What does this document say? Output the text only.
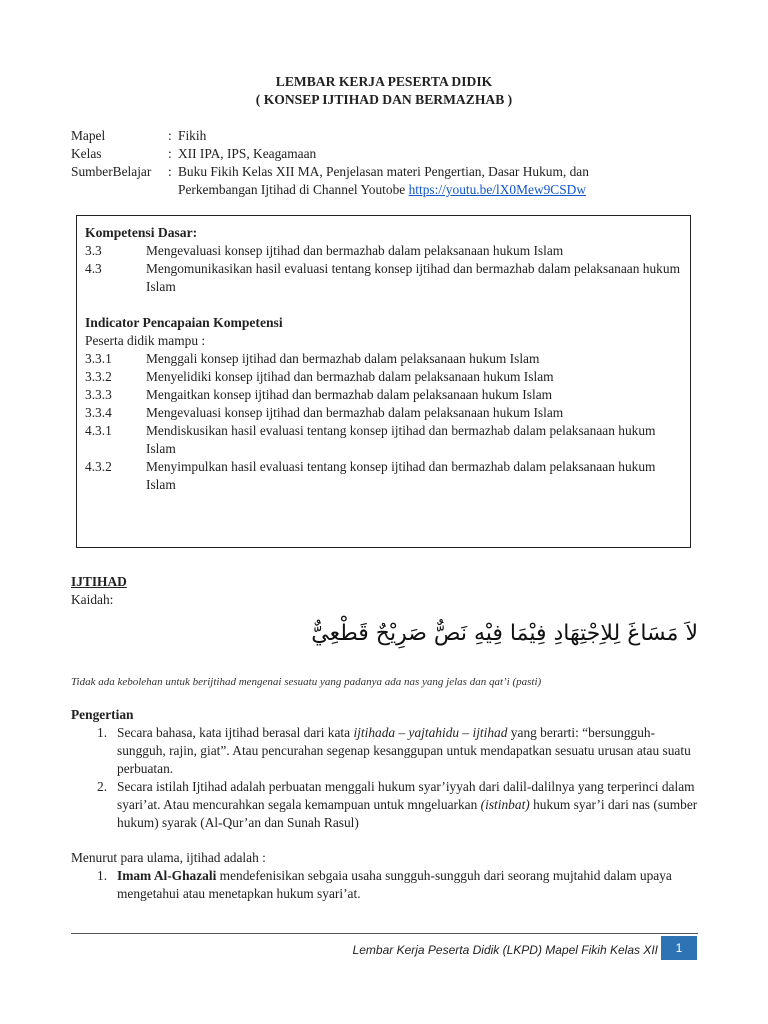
LEMBAR KERJA PESERTA DIDIK
( KONSEP IJTIHAD DAN BERMAZHAB )
Mapel	: Fikih
Kelas	: XII IPA, IPS, Keagamaan
SumberBelajar	: Buku Fikih Kelas XII MA, Penjelasan materi Pengertian, Dasar Hukum, dan
Perkembangan Ijtihad di Channel Youtobe https://youtu.be/lX0Mew9CSDw
Kompetensi Dasar:
3.3	Mengevaluasi konsep ijtihad dan bermazhab dalam pelaksanaan hukum Islam
4.3	Mengomunikasikan hasil evaluasi tentang konsep ijtihad dan bermazhab dalam pelaksanaan hukum Islam
Indicator Pencapaian Kompetensi
Peserta didik mampu :
3.3.1	Menggali konsep ijtihad dan bermazhab dalam pelaksanaan hukum Islam
3.3.2	Menyelidiki konsep ijtihad dan bermazhab dalam pelaksanaan hukum Islam
3.3.3	Mengaitkan konsep ijtihad dan bermazhab dalam pelaksanaan hukum Islam
3.3.4	Mengevaluasi konsep ijtihad dan bermazhab dalam pelaksanaan hukum Islam
4.3.1	Mendiskusikan hasil evaluasi tentang konsep ijtihad dan bermazhab dalam pelaksanaan hukum Islam
4.3.2	Menyimpulkan hasil evaluasi tentang konsep ijtihad dan bermazhab dalam pelaksanaan hukum Islam
IJTIHAD
Kaidah:
لاَ مَسَاغَ لِلاِجْتِهَادِ فِيْمَا فِيْهِ نَصٌّ صَرِيْحٌ قَطْعِيٌّ
Tidak ada kebolehan untuk berijtihad mengenai sesuatu yang padanya ada nas yang jelas dan qat’i (pasti)
Pengertian
1. Secara bahasa, kata ijtihad berasal dari kata ijtihada – yajtahidu – ijtihad yang berarti: “bersungguh-sungguh, rajin, giat”. Atau pencurahan segenap kesanggupan untuk mendapatkan sesuatu urusan atau suatu perbuatan.
2. Secara istilah Ijtihad adalah perbuatan menggali hukum syar’iyyah dari dalil-dalilnya yang terperinci dalam syari’at. Atau mencurahkan segala kemampuan untuk mngeluarkan (istinbat) hukum syar’i dari nas (sumber hukum) syarak (Al-Qur’an dan Sunah Rasul)
Menurut para ulama, ijtihad adalah :
1. Imam Al-Ghazali mendefenisikan sebgaia usaha sungguh-sungguh dari seorang mujtahid dalam upaya mengetahui atau menetapkan hukum syari’at.
Lembar Kerja Peserta Didik (LKPD) Mapel Fikih Kelas XII	1
